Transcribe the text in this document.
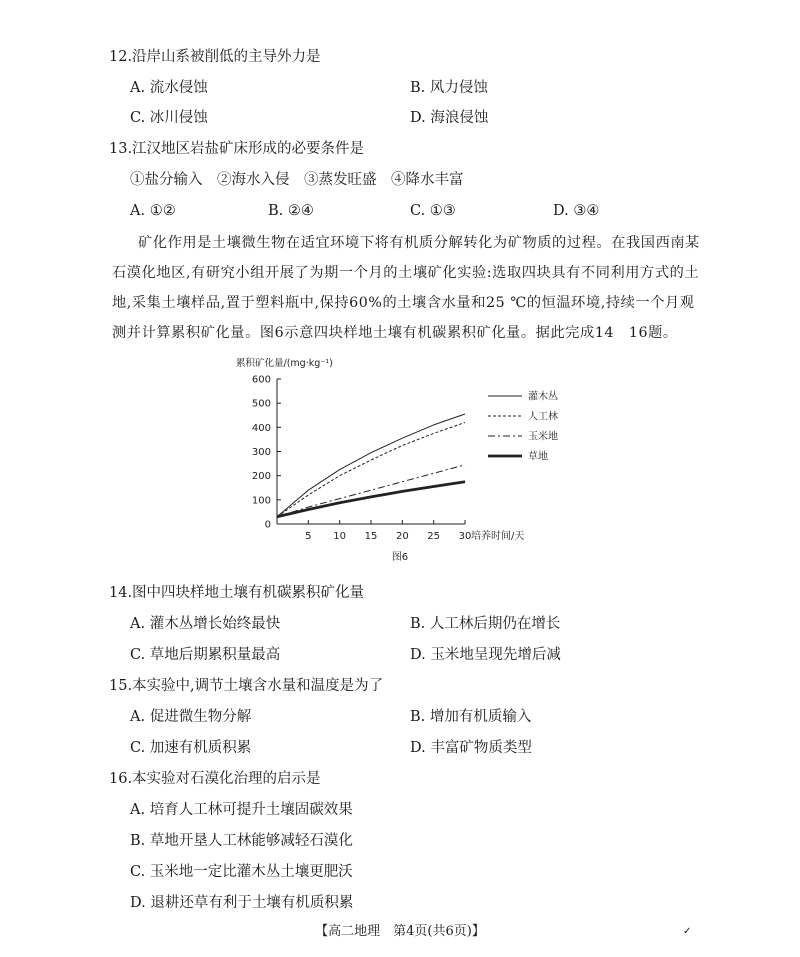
12.沿岸山系被削低的主导外力是
A. 流水侵蚀	B. 风力侵蚀
C. 冰川侵蚀	D. 海浪侵蚀
13.江汉地区岩盐矿床形成的必要条件是
①盐分输入　②海水入侵　③蒸发旺盛　④降水丰富
A. ①②	B. ②④	C. ①③	D. ③④
矿化作用是土壤微生物在适宜环境下将有机质分解转化为矿物质的过程。在我国西南某
石漠化地区,有研究小组开展了为期一个月的土壤矿化实验:选取四块具有不同利用方式的土
地,采集土壤样品,置于塑料瓶中,保持60%的土壤含水量和25 ℃的恒温环境,持续一个月观
测并计算累积矿化量。图6示意四块样地土壤有机碳累积矿化量。据此完成14　16题。
0
100
200
300
400
500
600
5 10 15 20 25 30
累积矿化量/(mg·kg⁻¹)
培养时间/天
图6
灌木丛
人工林
玉米地
草地
14.图中四块样地土壤有机碳累积矿化量
A. 灌木丛增长始终最快	B. 人工林后期仍在增长
C. 草地后期累积量最高	D. 玉米地呈现先增后减
15.本实验中,调节土壤含水量和温度是为了
A. 促进微生物分解	B. 增加有机质输入
C. 加速有机质积累	D. 丰富矿物质类型
16.本实验对石漠化治理的启示是
A. 培育人工林可提升土壤固碳效果
B. 草地开垦人工林能够减轻石漠化
C. 玉米地一定比灌木丛土壤更肥沃
D. 退耕还草有利于土壤有机质积累
【高二地理　第4页(共6页)】	✓
